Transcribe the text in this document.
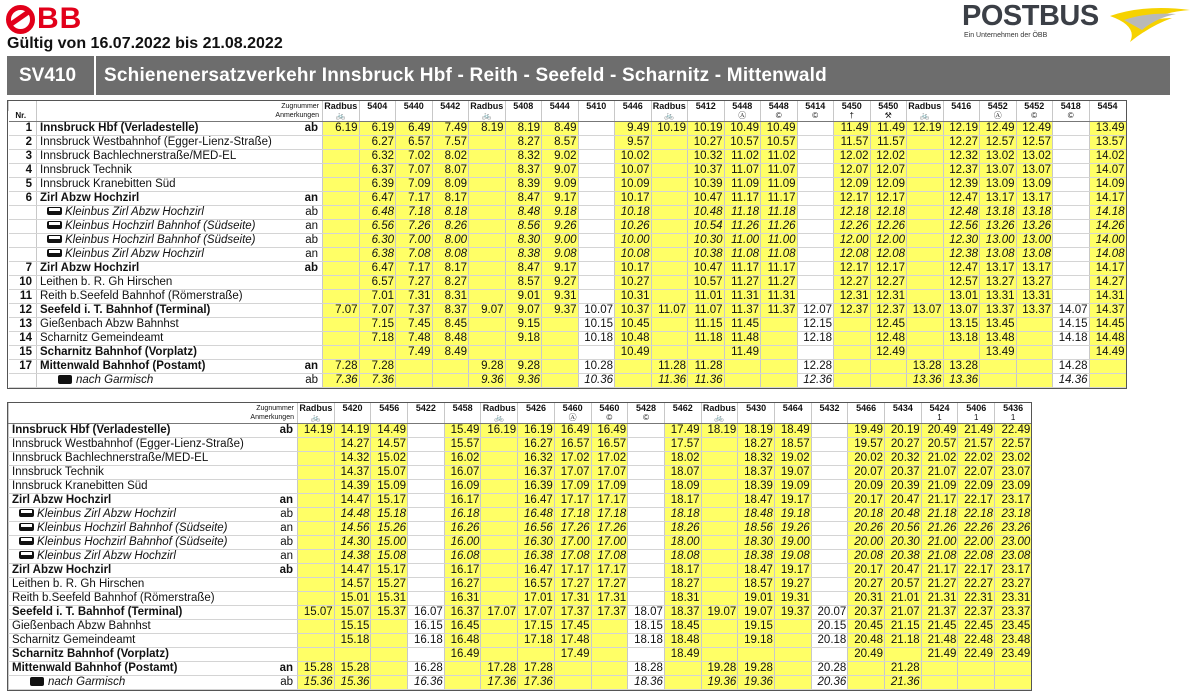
BB
Gültig von 16.07.2022 bis 21.08.2022
POSTBUS
Ein Unternehmen der ÖBB
SV410	Schienenersatzverkehr Innsbruck Hbf - Reith - Seefeld - Scharnitz - Mittenwald
	Zugnummer		Radbus	5404	5440	5442	Radbus	5408	5444	5410	5446	Radbus	5412	5448	5448	5414	5450	5450	Radbus	5416	5452	5452	5418	5454
Nr.	Anmerkungen		🚲				🚲					🚲		Ⓐ	©	©	†	⚒	🚲		Ⓐ	©	©	
1	Innsbruck Hbf (Verladestelle)	ab	6.19	6.19	6.49	7.49	8.19	8.19	8.49		9.49	10.19	10.19	10.49	10.49		11.49	11.49	12.19	12.19	12.49	12.49		13.49
2	Innsbruck Westbahnhof (Egger-Lienz-Straße)			6.27	6.57	7.57		8.27	8.57		9.57		10.27	10.57	10.57		11.57	11.57		12.27	12.57	12.57		13.57
3	Innsbruck Bachlechnerstraße/MED-EL			6.32	7.02	8.02		8.32	9.02		10.02		10.32	11.02	11.02		12.02	12.02		12.32	13.02	13.02		14.02
4	Innsbruck Technik			6.37	7.07	8.07		8.37	9.07		10.07		10.37	11.07	11.07		12.07	12.07		12.37	13.07	13.07		14.07
5	Innsbruck Kranebitten Süd			6.39	7.09	8.09		8.39	9.09		10.09		10.39	11.09	11.09		12.09	12.09		12.39	13.09	13.09		14.09
6	Zirl Abzw Hochzirl	an		6.47	7.17	8.17		8.47	9.17		10.17		10.47	11.17	11.17		12.17	12.17		12.47	13.17	13.17		14.17
	Kleinbus Zirl Abzw Hochzirl	ab		6.48	7.18	8.18		8.48	9.18		10.18		10.48	11.18	11.18		12.18	12.18		12.48	13.18	13.18		14.18
	Kleinbus Hochzirl Bahnhof (Südseite)	an		6.56	7.26	8.26		8.56	9.26		10.26		10.54	11.26	11.26		12.26	12.26		12.56	13.26	13.26		14.26
	Kleinbus Hochzirl Bahnhof (Südseite)	ab		6.30	7.00	8.00		8.30	9.00		10.00		10.30	11.00	11.00		12.00	12.00		12.30	13.00	13.00		14.00
	Kleinbus Zirl Abzw Hochzirl	an		6.38	7.08	8.08		8.38	9.08		10.08		10.38	11.08	11.08		12.08	12.08		12.38	13.08	13.08		14.08
7	Zirl Abzw Hochzirl	ab		6.47	7.17	8.17		8.47	9.17		10.17		10.47	11.17	11.17		12.17	12.17		12.47	13.17	13.17		14.17
10	Leithen b. R. Gh Hirschen			6.57	7.27	8.27		8.57	9.27		10.27		10.57	11.27	11.27		12.27	12.27		12.57	13.27	13.27		14.27
11	Reith b.Seefeld Bahnhof (Römerstraße)			7.01	7.31	8.31		9.01	9.31		10.31		11.01	11.31	11.31		12.31	12.31		13.01	13.31	13.31		14.31
12	Seefeld i. T. Bahnhof (Terminal)		7.07	7.07	7.37	8.37	9.07	9.07	9.37	10.07	10.37	11.07	11.07	11.37	11.37	12.07	12.37	12.37	13.07	13.07	13.37	13.37	14.07	14.37
13	Gießenbach Abzw Bahnhst			7.15	7.45	8.45		9.15		10.15	10.45		11.15	11.45		12.15		12.45		13.15	13.45		14.15	14.45
14	Scharnitz Gemeindeamt			7.18	7.48	8.48		9.18		10.18	10.48		11.18	11.48		12.18		12.48		13.18	13.48		14.18	14.48
15	Scharnitz Bahnhof (Vorplatz)				7.49	8.49					10.49			11.49				12.49			13.49			14.49
17	Mittenwald Bahnhof (Postamt)	an	7.28	7.28			9.28	9.28		10.28		11.28	11.28			12.28			13.28	13.28			14.28	
	nach Garmisch	ab	7.36	7.36			9.36	9.36		10.36		11.36	11.36			12.36			13.36	13.36			14.36	
Zugnummer		Radbus	5420	5456	5422	5458	Radbus	5426	5460	5460	5428	5462	Radbus	5430	5464	5432	5466	5434	5424	5406	5436
Anmerkungen		🚲					🚲		Ⓐ	©	©		🚲						1	1	1
Innsbruck Hbf (Verladestelle)	ab	14.19	14.19	14.49		15.49	16.19	16.19	16.49	16.49		17.49	18.19	18.19	18.49		19.49	20.19	20.49	21.49	22.49
Innsbruck Westbahnhof (Egger-Lienz-Straße)			14.27	14.57		15.57		16.27	16.57	16.57		17.57		18.27	18.57		19.57	20.27	20.57	21.57	22.57
Innsbruck Bachlechnerstraße/MED-EL			14.32	15.02		16.02		16.32	17.02	17.02		18.02		18.32	19.02		20.02	20.32	21.02	22.02	23.02
Innsbruck Technik			14.37	15.07		16.07		16.37	17.07	17.07		18.07		18.37	19.07		20.07	20.37	21.07	22.07	23.07
Innsbruck Kranebitten Süd			14.39	15.09		16.09		16.39	17.09	17.09		18.09		18.39	19.09		20.09	20.39	21.09	22.09	23.09
Zirl Abzw Hochzirl	an		14.47	15.17		16.17		16.47	17.17	17.17		18.17		18.47	19.17		20.17	20.47	21.17	22.17	23.17
Kleinbus Zirl Abzw Hochzirl	ab		14.48	15.18		16.18		16.48	17.18	17.18		18.18		18.48	19.18		20.18	20.48	21.18	22.18	23.18
Kleinbus Hochzirl Bahnhof (Südseite)	an		14.56	15.26		16.26		16.56	17.26	17.26		18.26		18.56	19.26		20.26	20.56	21.26	22.26	23.26
Kleinbus Hochzirl Bahnhof (Südseite)	ab		14.30	15.00		16.00		16.30	17.00	17.00		18.00		18.30	19.00		20.00	20.30	21.00	22.00	23.00
Kleinbus Zirl Abzw Hochzirl	an		14.38	15.08		16.08		16.38	17.08	17.08		18.08		18.38	19.08		20.08	20.38	21.08	22.08	23.08
Zirl Abzw Hochzirl	ab		14.47	15.17		16.17		16.47	17.17	17.17		18.17		18.47	19.17		20.17	20.47	21.17	22.17	23.17
Leithen b. R. Gh Hirschen			14.57	15.27		16.27		16.57	17.27	17.27		18.27		18.57	19.27		20.27	20.57	21.27	22.27	23.27
Reith b.Seefeld Bahnhof (Römerstraße)			15.01	15.31		16.31		17.01	17.31	17.31		18.31		19.01	19.31		20.31	21.01	21.31	22.31	23.31
Seefeld i. T. Bahnhof (Terminal)		15.07	15.07	15.37	16.07	16.37	17.07	17.07	17.37	17.37	18.07	18.37	19.07	19.07	19.37	20.07	20.37	21.07	21.37	22.37	23.37
Gießenbach Abzw Bahnhst			15.15		16.15	16.45		17.15	17.45		18.15	18.45		19.15		20.15	20.45	21.15	21.45	22.45	23.45
Scharnitz Gemeindeamt			15.18		16.18	16.48		17.18	17.48		18.18	18.48		19.18		20.18	20.48	21.18	21.48	22.48	23.48
Scharnitz Bahnhof (Vorplatz)						16.49			17.49			18.49					20.49		21.49	22.49	23.49
Mittenwald Bahnhof (Postamt)	an	15.28	15.28		16.28		17.28	17.28			18.28		19.28	19.28		20.28		21.28			
nach Garmisch	ab	15.36	15.36		16.36		17.36	17.36			18.36		19.36	19.36		20.36		21.36			
